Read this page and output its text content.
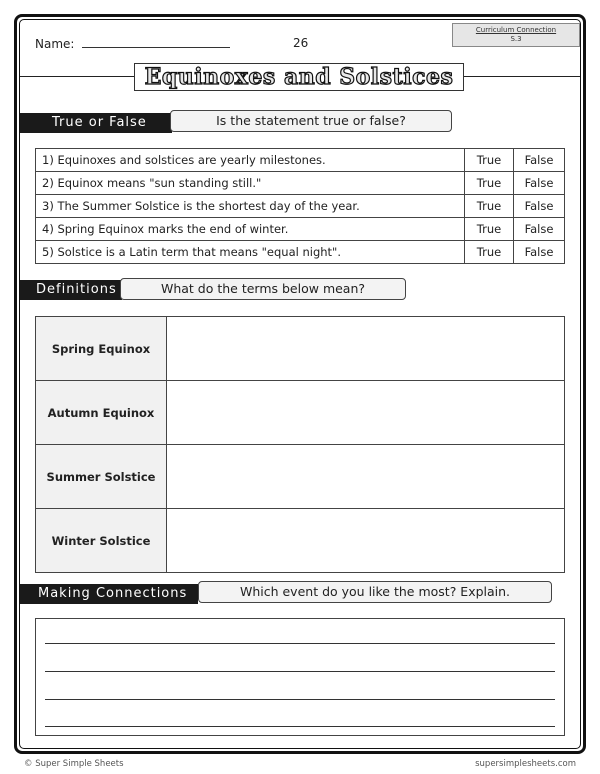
Name:	26
Curriculum Connection
S.3
Equinoxes and Solstices
True or False	Is the statement true or false?
1) Equinoxes and solstices are yearly milestones.	True	False
2) Equinox means "sun standing still."	True	False
3) The Summer Solstice is the shortest day of the year.	True	False
4) Spring Equinox marks the end of winter.	True	False
5) Solstice is a Latin term that means "equal night".	True	False
Definitions	What do the terms below mean?
Spring Equinox	
Autumn Equinox	
Summer Solstice	
Winter Solstice	
Making Connections	Which event do you like the most? Explain.
© Super Simple Sheets	supersimplesheets.com
